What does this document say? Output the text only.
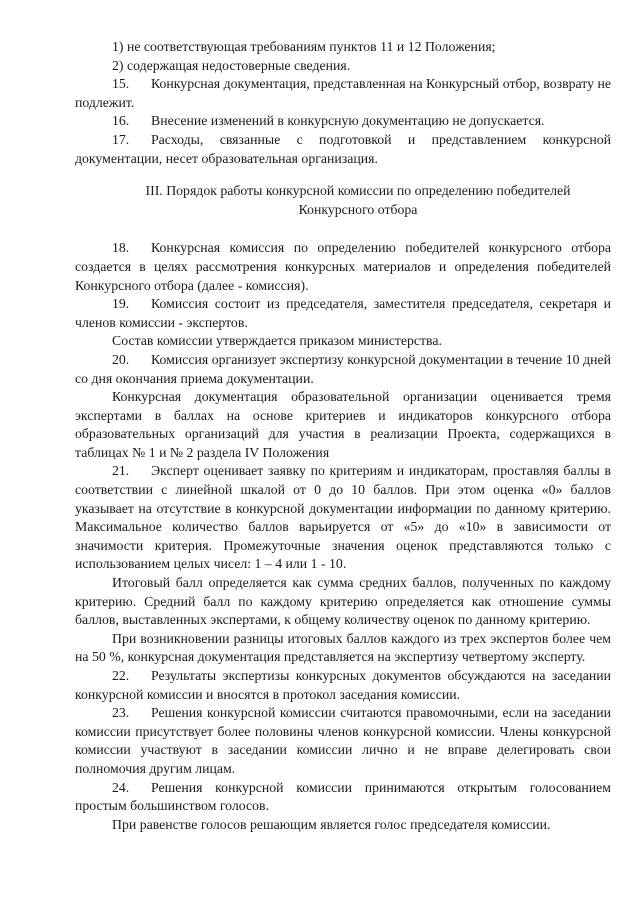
1) не соответствующая требованиям пунктов 11 и 12 Положения;

2) содержащая недостоверные сведения.

15. Конкурсная документация, представленная на Конкурсный отбор, возврату не подлежит.

16. Внесение изменений в конкурсную документацию не допускается.

17. Расходы, связанные с подготовкой и представлением конкурсной документации, несет образовательная организация.

III. Порядок работы конкурсной комиссии по определению победителей
Конкурсного отбора

18. Конкурсная комиссия по определению победителей конкурсного отбора создается в целях рассмотрения конкурсных материалов и определения победителей Конкурсного отбора (далее - комиссия).

19. Комиссия состоит из председателя, заместителя председателя, секретаря и членов комиссии - экспертов.

Состав комиссии утверждается приказом министерства.

20. Комиссия организует экспертизу конкурсной документации в течение 10 дней со дня окончания приема документации.

Конкурсная документация образовательной организации оценивается тремя экспертами в баллах на основе критериев и индикаторов конкурсного отбора образовательных организаций для участия в реализации Проекта, содержащихся в таблицах № 1 и № 2 раздела IV Положения

21. Эксперт оценивает заявку по критериям и индикаторам, проставляя баллы в соответствии с линейной шкалой от 0 до 10 баллов. При этом оценка «0» баллов указывает на отсутствие в конкурсной документации информации по данному критерию. Максимальное количество баллов варьируется от «5» до «10» в зависимости от значимости критерия. Промежуточные значения оценок представляются только с использованием целых чисел: 1 – 4 или 1 - 10.

Итоговый балл определяется как сумма средних баллов, полученных по каждому критерию. Средний балл по каждому критерию определяется как отношение суммы баллов, выставленных экспертами, к общему количеству оценок по данному критерию.

При возникновении разницы итоговых баллов каждого из трех экспертов более чем на 50 %, конкурсная документация представляется на экспертизу четвертому эксперту.

22. Результаты экспертизы конкурсных документов обсуждаются на заседании конкурсной комиссии и вносятся в протокол заседания комиссии.

23. Решения конкурсной комиссии считаются правомочными, если на заседании комиссии присутствует более половины членов конкурсной комиссии. Члены конкурсной комиссии участвуют в заседании комиссии лично и не вправе делегировать свои полномочия другим лицам.

24. Решения конкурсной комиссии принимаются открытым голосованием простым большинством голосов.

При равенстве голосов решающим является голос председателя комиссии.
